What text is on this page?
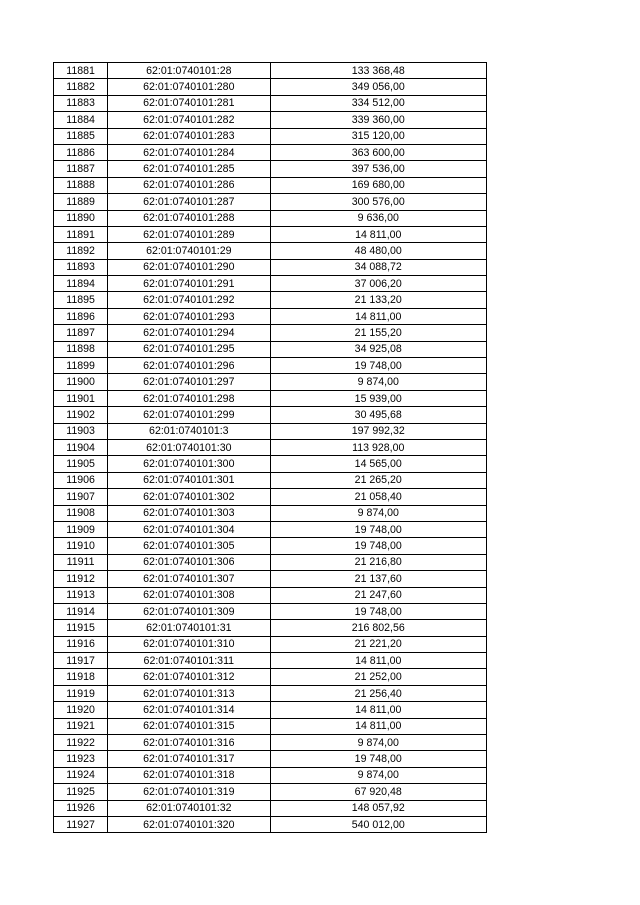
11881	62:01:0740101:28	133 368,48
11882	62:01:0740101:280	349 056,00
11883	62:01:0740101:281	334 512,00
11884	62:01:0740101:282	339 360,00
11885	62:01:0740101:283	315 120,00
11886	62:01:0740101:284	363 600,00
11887	62:01:0740101:285	397 536,00
11888	62:01:0740101:286	169 680,00
11889	62:01:0740101:287	300 576,00
11890	62:01:0740101:288	9 636,00
11891	62:01:0740101:289	14 811,00
11892	62:01:0740101:29	48 480,00
11893	62:01:0740101:290	34 088,72
11894	62:01:0740101:291	37 006,20
11895	62:01:0740101:292	21 133,20
11896	62:01:0740101:293	14 811,00
11897	62:01:0740101:294	21 155,20
11898	62:01:0740101:295	34 925,08
11899	62:01:0740101:296	19 748,00
11900	62:01:0740101:297	9 874,00
11901	62:01:0740101:298	15 939,00
11902	62:01:0740101:299	30 495,68
11903	62:01:0740101:3	197 992,32
11904	62:01:0740101:30	113 928,00
11905	62:01:0740101:300	14 565,00
11906	62:01:0740101:301	21 265,20
11907	62:01:0740101:302	21 058,40
11908	62:01:0740101:303	9 874,00
11909	62:01:0740101:304	19 748,00
11910	62:01:0740101:305	19 748,00
11911	62:01:0740101:306	21 216,80
11912	62:01:0740101:307	21 137,60
11913	62:01:0740101:308	21 247,60
11914	62:01:0740101:309	19 748,00
11915	62:01:0740101:31	216 802,56
11916	62:01:0740101:310	21 221,20
11917	62:01:0740101:311	14 811,00
11918	62:01:0740101:312	21 252,00
11919	62:01:0740101:313	21 256,40
11920	62:01:0740101:314	14 811,00
11921	62:01:0740101:315	14 811,00
11922	62:01:0740101:316	9 874,00
11923	62:01:0740101:317	19 748,00
11924	62:01:0740101:318	9 874,00
11925	62:01:0740101:319	67 920,48
11926	62:01:0740101:32	148 057,92
11927	62:01:0740101:320	540 012,00
